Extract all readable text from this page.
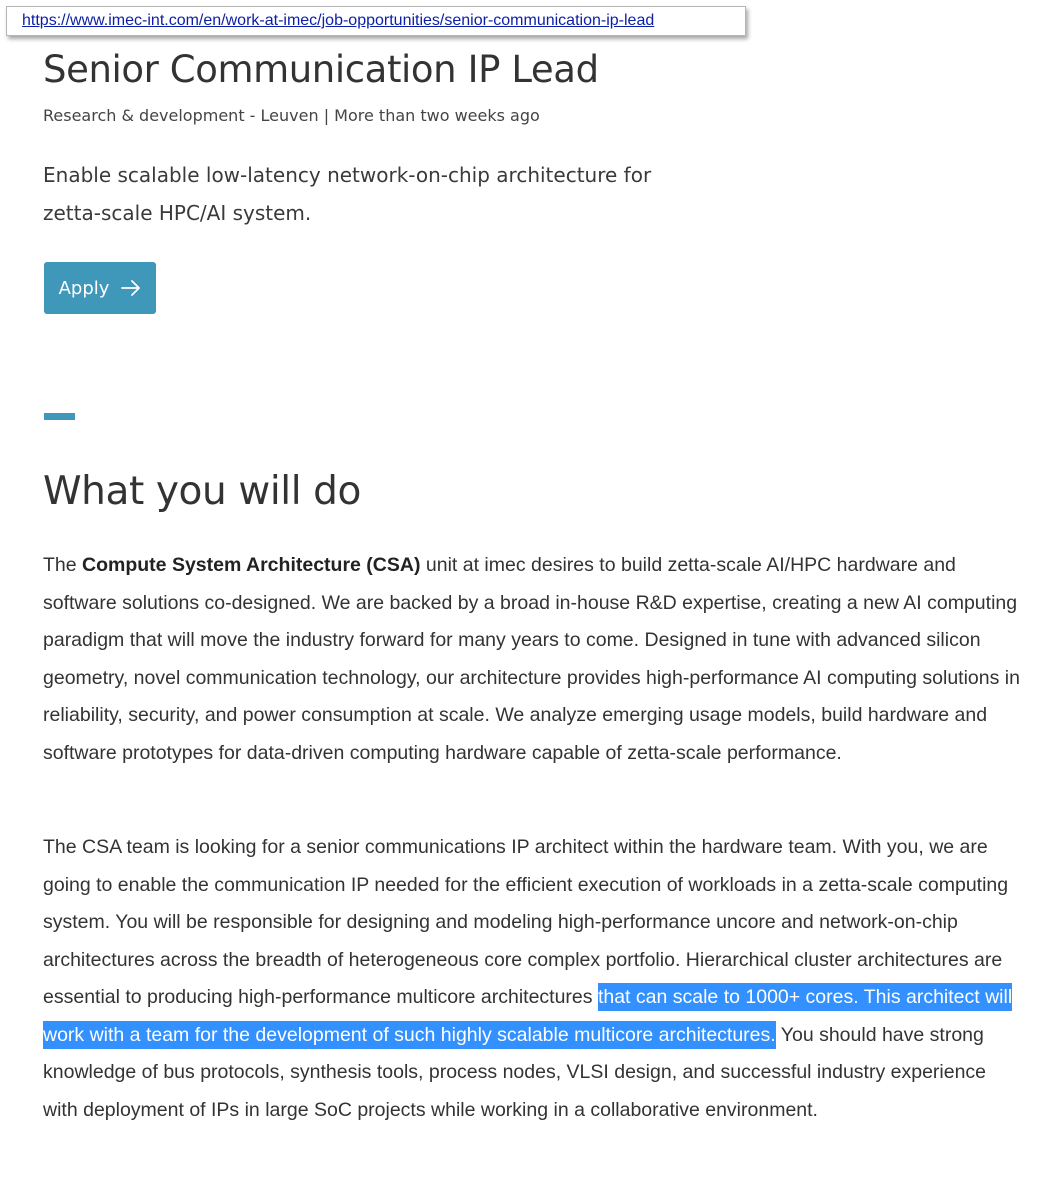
https://www.imec-int.com/en/work-at-imec/job-opportunities/senior-communication-ip-lead
Senior Communication IP Lead
Research & development - Leuven | More than two weeks ago

Enable scalable low-latency network-on-chip architecture for zetta-scale HPC/AI system.

Apply
What you will do

The Compute System Architecture (CSA) unit at imec desires to build zetta-scale AI/HPC hardware and software solutions co-designed. We are backed by a broad in-house R&D expertise, creating a new AI computing paradigm that will move the industry forward for many years to come. Designed in tune with advanced silicon geometry, novel communication technology, our architecture provides high-performance AI computing solutions in reliability, security, and power consumption at scale. We analyze emerging usage models, build hardware and software prototypes for data-driven computing hardware capable of zetta-scale performance.

The CSA team is looking for a senior communications IP architect within the hardware team. With you, we are going to enable the communication IP needed for the efficient execution of workloads in a zetta-scale computing system. You will be responsible for designing and modeling high-performance uncore and network-on-chip architectures across the breadth of heterogeneous core complex portfolio. Hierarchical cluster architectures are essential to producing high-performance multicore architectures that can scale to 1000+ cores. This architect will work with a team for the development of such highly scalable multicore architectures. You should have strong knowledge of bus protocols, synthesis tools, process nodes, VLSI design, and successful industry experience with deployment of IPs in large SoC projects while working in a collaborative environment.
